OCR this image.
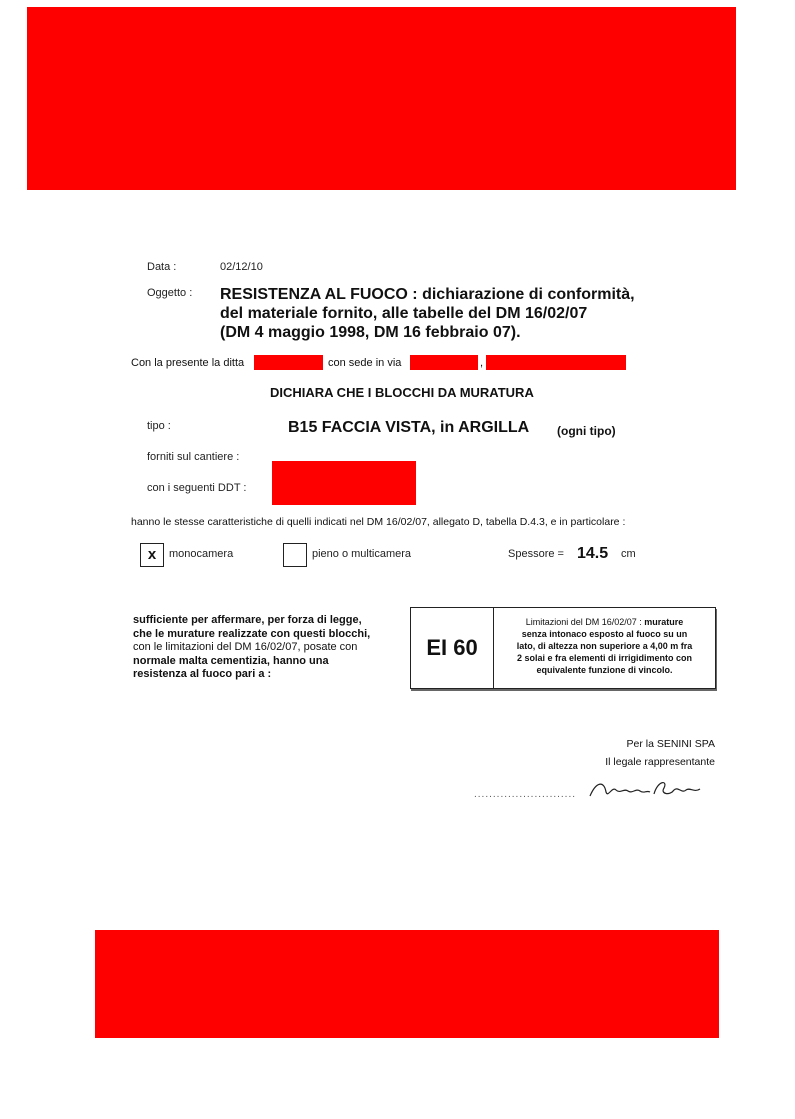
Data :	02/12/10
Oggetto : RESISTENZA AL FUOCO : dichiarazione di conformità,
del materiale fornito, alle tabelle del DM 16/02/07
(DM 4 maggio 1998, DM 16 febbraio 07).
Con la presente la ditta	con sede in via	,
DICHIARA CHE I BLOCCHI DA MURATURA
tipo :	B15 FACCIA VISTA, in ARGILLA (ogni tipo)
forniti sul cantiere :
con i seguenti DDT :
hanno le stesse caratteristiche di quelli indicati nel DM 16/02/07, allegato D, tabella D.4.3, e in particolare :
x	monocamera	pieno o multicamera	Spessore = 14.5 cm
sufficiente per affermare, per forza di legge,
che le murature realizzate con questi blocchi,
con le limitazioni del DM 16/02/07, posate con
normale malta cementizia, hanno una
resistenza al fuoco pari a :
EI 60
Limitazioni del DM 16/02/07 : murature
senza intonaco esposto al fuoco su un
lato, di altezza non superiore a 4,00 m fra
2 solai e fra elementi di irrigidimento con
equivalente funzione di vincolo.
Per la SENINI SPA
Il legale rappresentante
...........................
